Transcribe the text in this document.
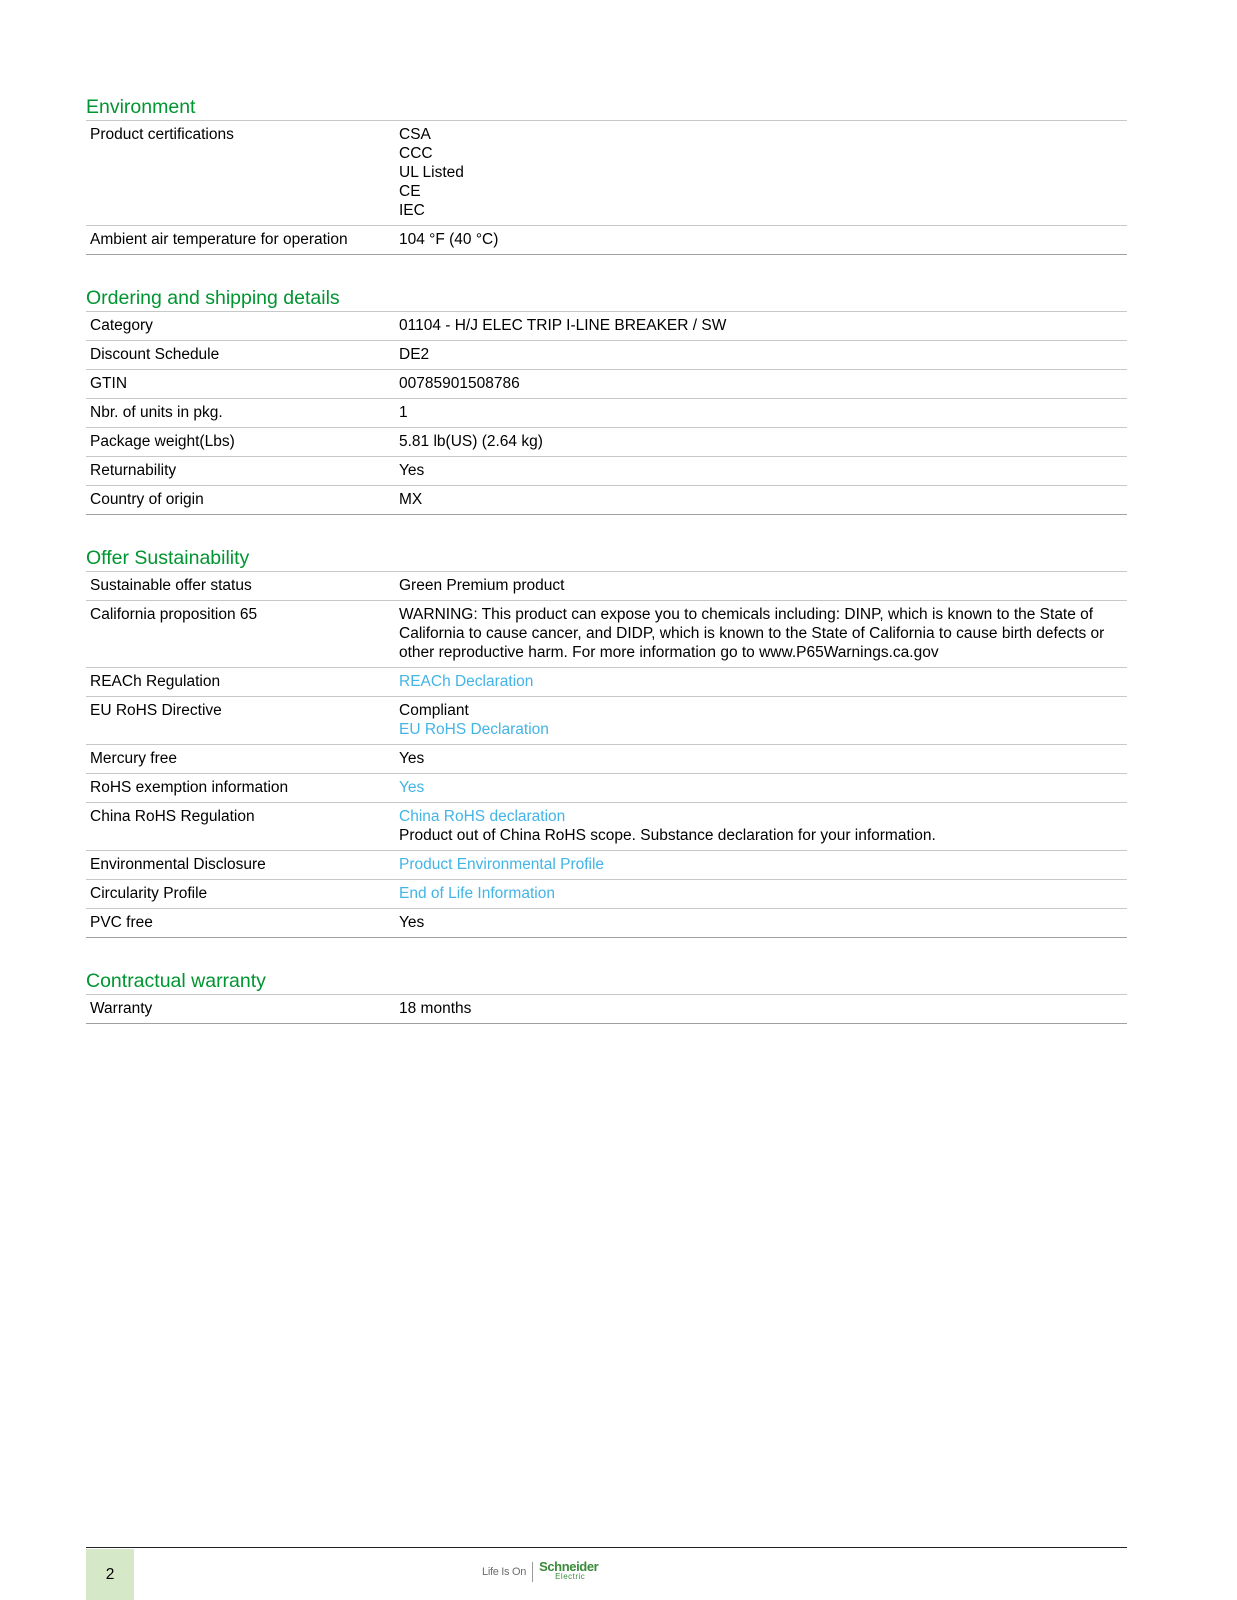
Environment
Product certifications	CSA
CCC
UL Listed
CE
IEC

Ambient air temperature for operation	104 °F (40 °C)
Ordering and shipping details
Category	01104 - H/J ELEC TRIP I-LINE BREAKER / SW
Discount Schedule	DE2
GTIN	00785901508786
Nbr. of units in pkg.	1
Package weight(Lbs)	5.81 lb(US) (2.64 kg)
Returnability	Yes
Country of origin	MX
Offer Sustainability
Sustainable offer status	Green Premium product
California proposition 65	WARNING: This product can expose you to chemicals including: DINP, which is known to the State of California to cause cancer, and DIDP, which is known to the State of California to cause birth defects or other reproductive harm. For more information go to www.P65Warnings.ca.gov
REACh Regulation	REACh Declaration

EU RoHS Directive	Compliant
EU RoHS Declaration

Mercury free	Yes
RoHS exemption information	Yes

China RoHS Regulation	China RoHS declaration
Product out of China RoHS scope. Substance declaration for your information.

Environmental Disclosure	Product Environmental Profile

Circularity Profile	End of Life Information

PVC free	Yes
Contractual warranty
Warranty	18 months
2	Life Is On	Schneider
Electric
